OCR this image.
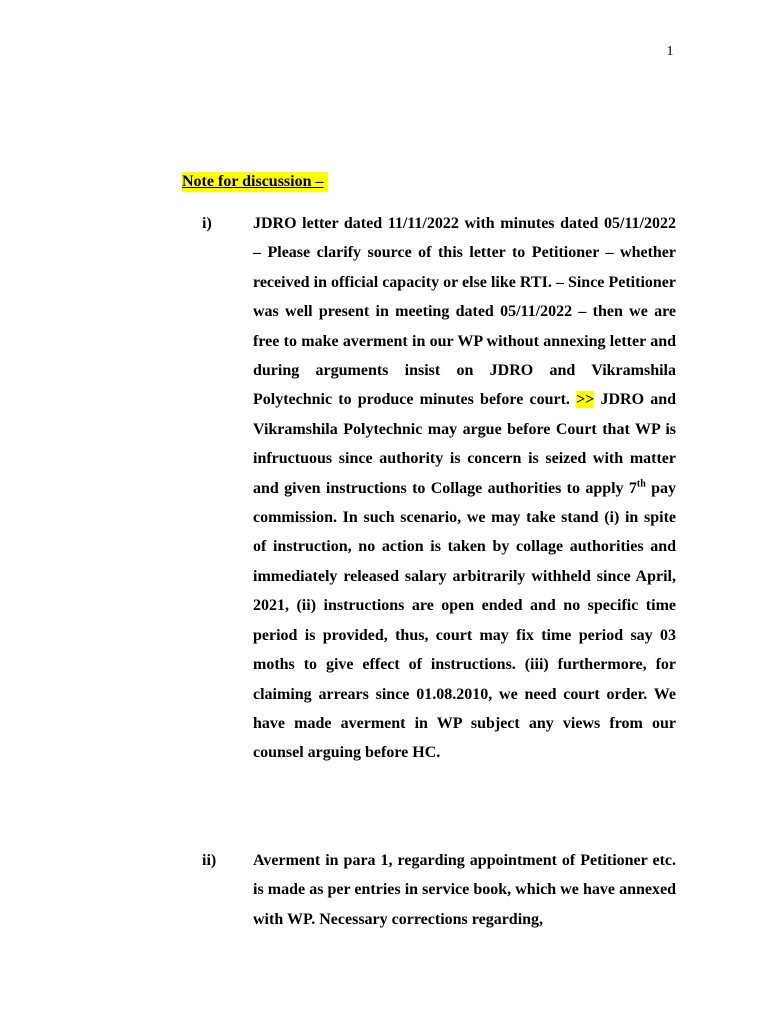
1
Note for discussion –
i)	JDRO letter dated 11/11/2022 with minutes dated 05/11/2022 – Please clarify source of this letter to Petitioner – whether received in official capacity or else like RTI. – Since Petitioner was well present in meeting dated 05/11/2022 – then we are free to make averment in our WP without annexing letter and during arguments insist on JDRO and Vikramshila Polytechnic to produce minutes before court. >> JDRO and Vikramshila Polytechnic may argue before Court that WP is infructuous since authority is concern is seized with matter and given instructions to Collage authorities to apply 7th pay commission. In such scenario, we may take stand (i) in spite of instruction, no action is taken by collage authorities and immediately released salary arbitrarily withheld since April, 2021, (ii) instructions are open ended and no specific time period is provided, thus, court may fix time period say 03 moths to give effect of instructions. (iii) furthermore, for claiming arrears since 01.08.2010, we need court order. We have made averment in WP subject any views from our counsel arguing before HC.
ii) Averment in para 1, regarding appointment of Petitioner etc. is made as per entries in service book, which we have annexed with WP. Necessary corrections regarding,
